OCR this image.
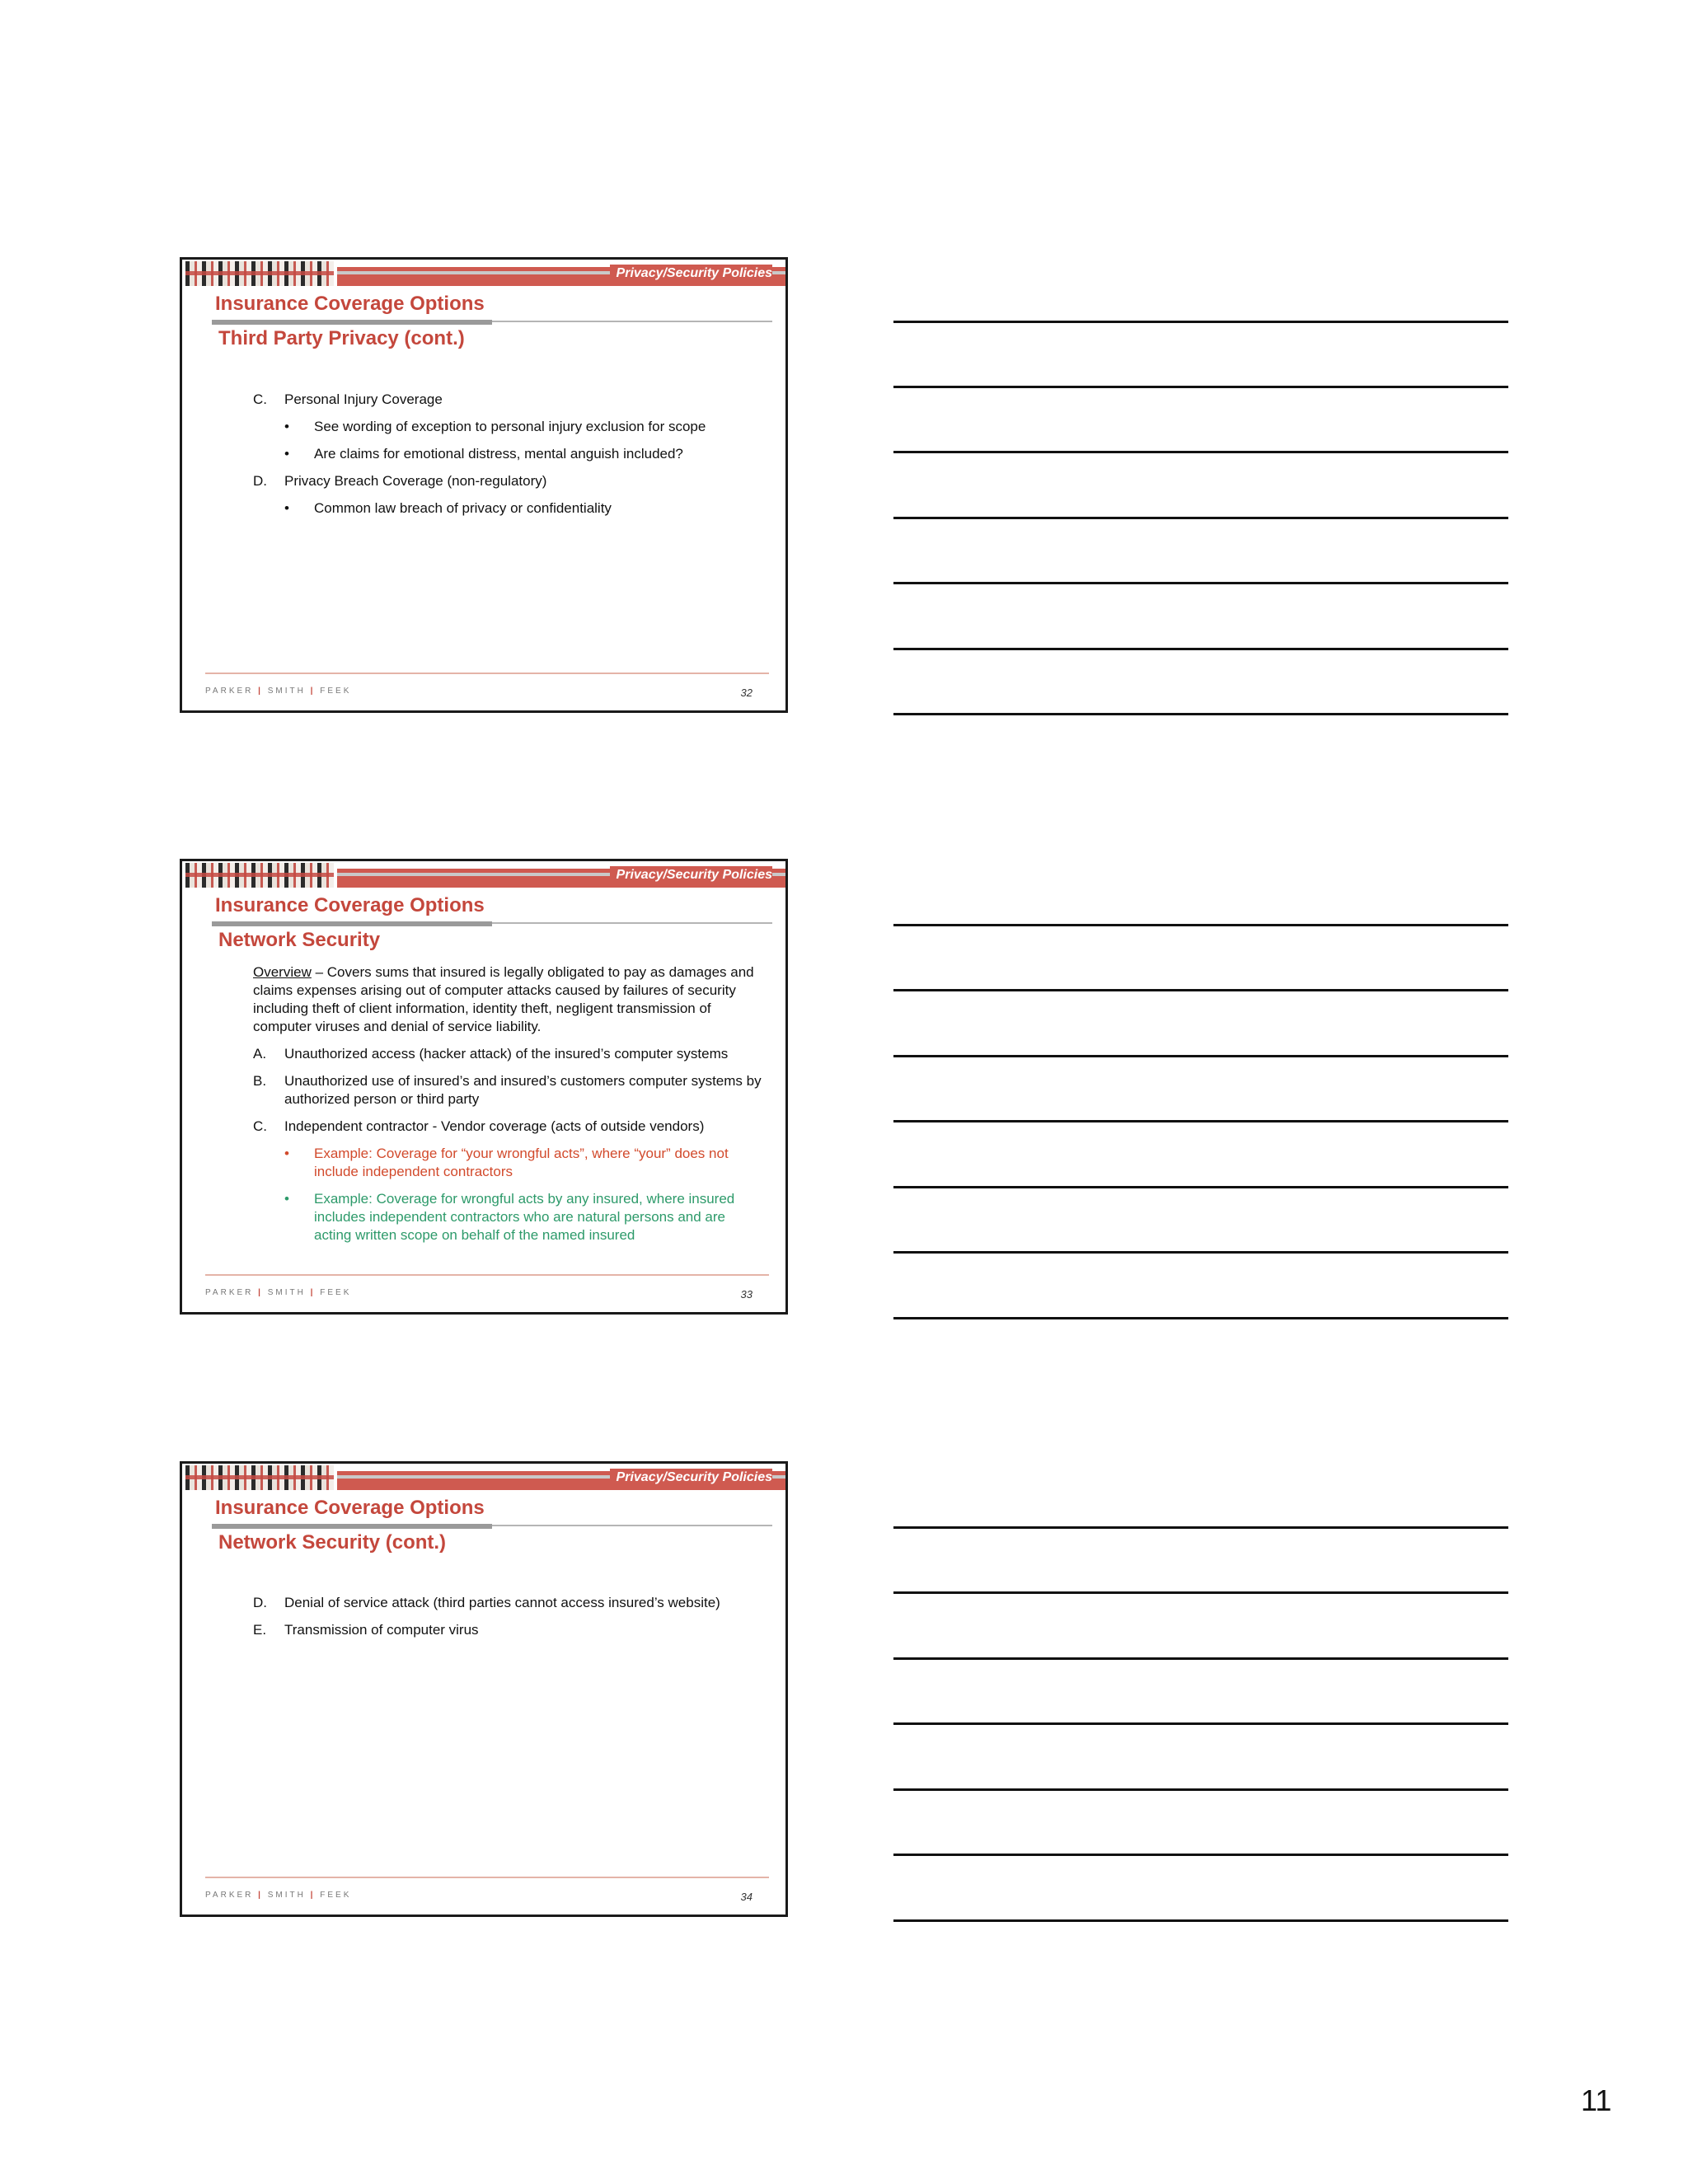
Privacy/Security Policies
Insurance Coverage Options
Third Party Privacy (cont.)
C. Personal Injury Coverage
• See wording of exception to personal injury exclusion for scope
• Are claims for emotional distress, mental anguish included?
D. Privacy Breach Coverage (non-regulatory)
• Common law breach of privacy or confidentiality
PARKER | SMITH | FEEK	32
Privacy/Security Policies
Insurance Coverage Options
Network Security
Overview – Covers sums that insured is legally obligated to pay as damages and claims expenses arising out of computer attacks caused by failures of security including theft of client information, identity theft, negligent transmission of computer viruses and denial of service liability.
A. Unauthorized access (hacker attack) of the insured’s computer systems
B. Unauthorized use of insured’s and insured’s customers computer systems by authorized person or third party
C. Independent contractor - Vendor coverage (acts of outside vendors)
• Example: Coverage for “your wrongful acts”, where “your” does not include independent contractors
• Example: Coverage for wrongful acts by any insured, where insured includes independent contractors who are natural persons and are acting written scope on behalf of the named insured
PARKER | SMITH | FEEK	33
Privacy/Security Policies
Insurance Coverage Options
Network Security (cont.)
D. Denial of service attack (third parties cannot access insured’s website)
E. Transmission of computer virus
PARKER | SMITH | FEEK	34
11
